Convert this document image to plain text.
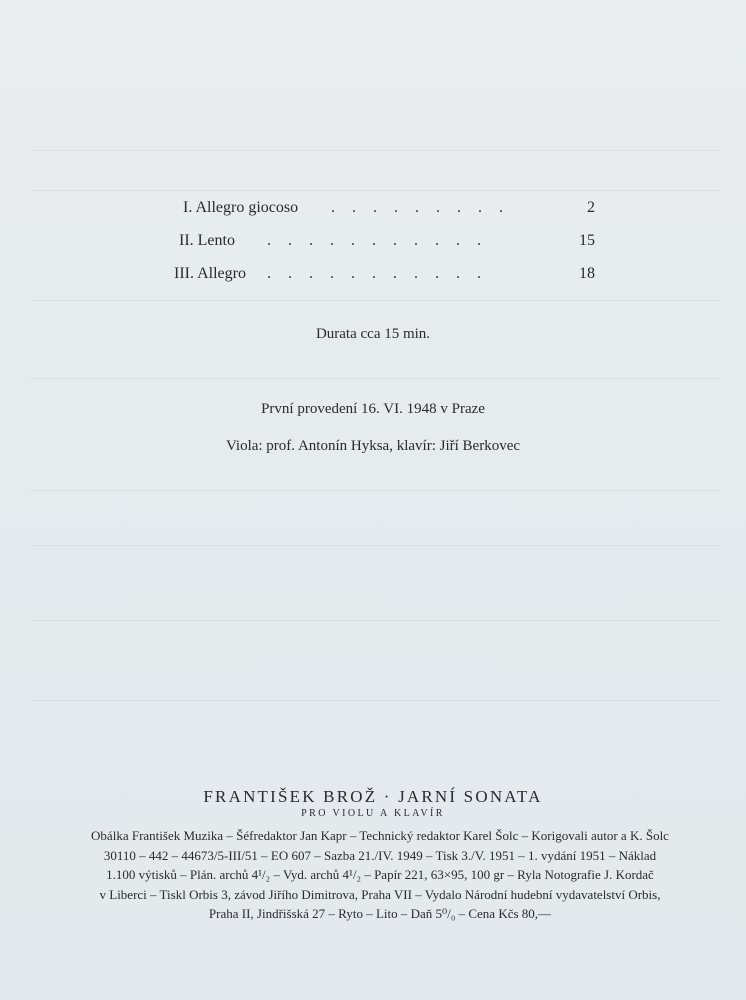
I. Allegro giocoso . . . . . . . . .	2
II. Lento . . . . . . . . . . .	15
III. Allegro . . . . . . . . . . .	18
Durata cca 15 min.
První provedení 16. VI. 1948 v Praze
Viola: prof. Antonín Hyksa, klavír: Jiří Berkovec
FRANTIŠEK BROŽ · JARNÍ SONATA
PRO VIOLU A KLAVÍR
Obálka František Muzika – Šéfredaktor Jan Kapr – Technický redaktor Karel Šolc – Korigovali autor a K. Šolc
30110 – 442 – 44673/5-III/51 – EO 607 – Sazba 21./IV. 1949 – Tisk 3./V. 1951 – 1. vydání 1951 – Náklad
1.100 výtisků – Plán. archů 4¹/₂ – Vyd. archů 4¹/₂ – Papír 221, 63×95, 100 gr – Ryla Notografie J. Kordač
v Liberci – Tiskl Orbis 3, závod Jiřího Dimitrova, Praha VII – Vydalo Národní hudební vydavatelství Orbis,
Praha II, Jindřišská 27 – Ryto – Lito – Daň 5⁰/₀ – Cena Kčs 80,—
